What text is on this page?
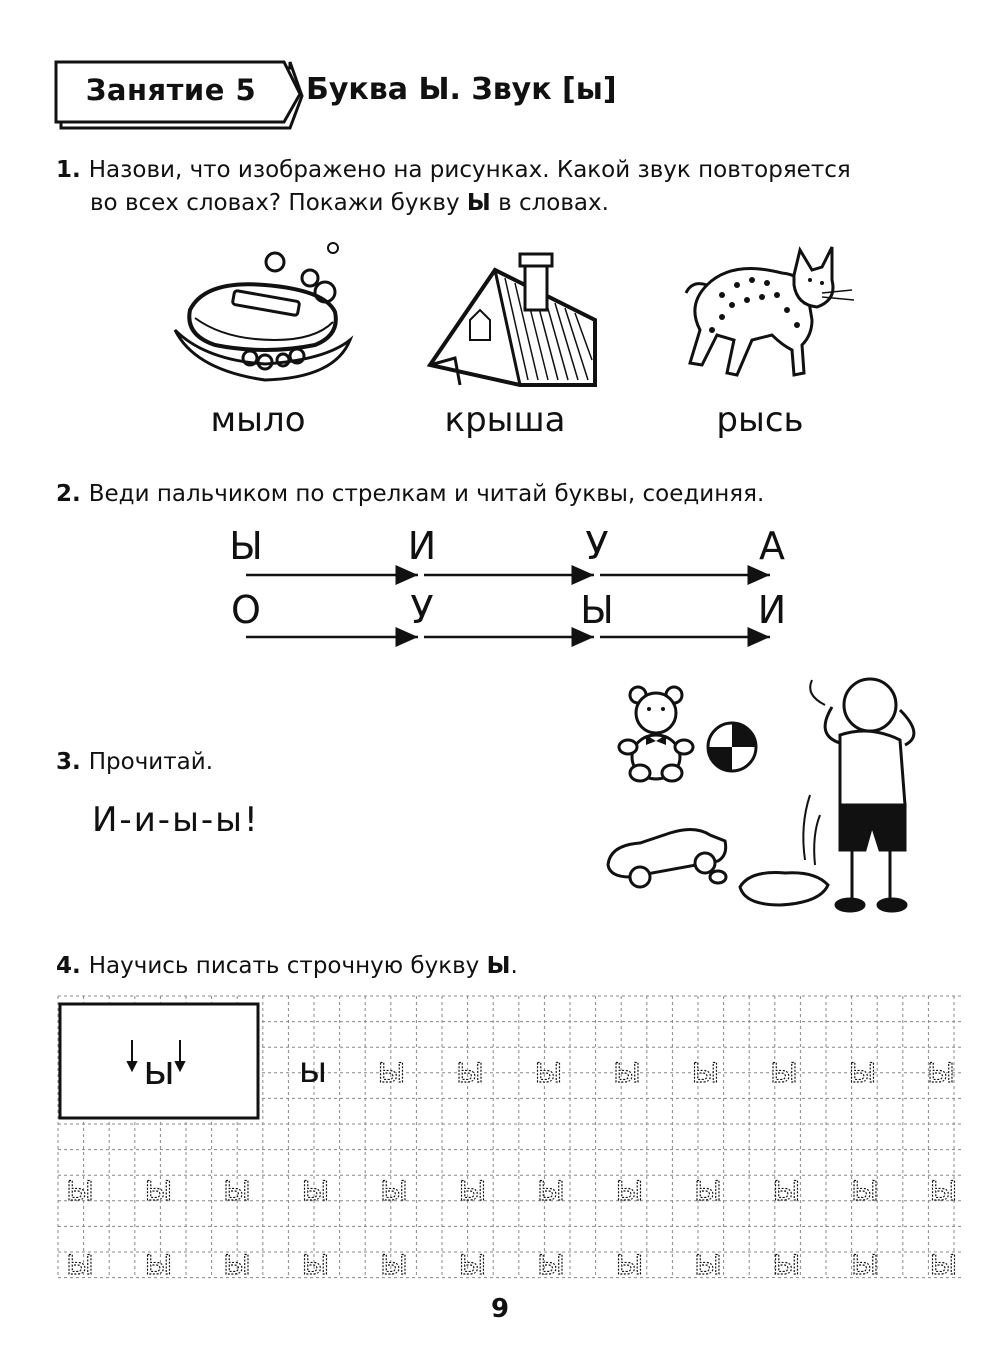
Занятие 5	Буква Ы. Звук [ы]
1. Назови, что изображено на рисунках. Какой звук повторяется
во всех словах? Покажи букву Ы в словах.
мыло	крыша	рысь
2. Веди пальчиком по стрелкам и читай буквы, соединяя.
Ы	И	У	А
О	У	Ы	И
3. Прочитай.
И-и-ы-ы!
4. Научись писать строчную букву Ы.
ы	ы ы ы ы ы ы ы ы ы
ы ы ы ы ы ы ы ы ы ы ы ы
ы ы ы ы ы ы ы ы ы ы ы ы
9
